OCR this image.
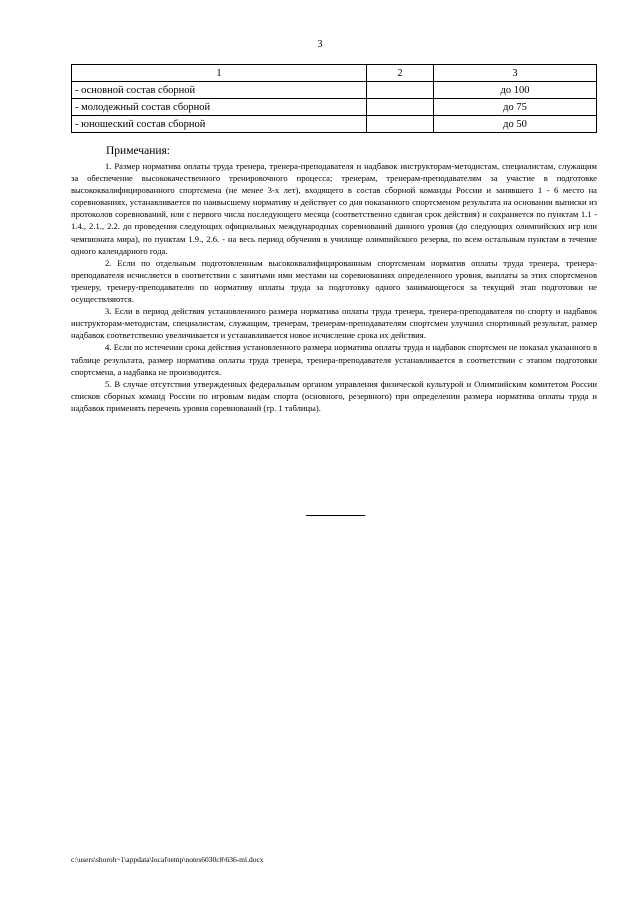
3
1	2	3
- основной состав сборной		до 100
- молодежный состав сборной		до 75
- юношеский состав сборной		до 50
Примечания:

1. Размер норматива оплаты труда тренера, тренера-преподавателя и надбавок инструкторам-методистам, специалистам, служащим за обеспечение высококачественного тренировочного процесса; тренерам, тренерам-преподавателям за участие в подготовке высококвалифицированного спортсмена (не менее 3-х лет), входящего в состав сборной команды России и занявшего 1 - 6 место на соревнованиях, устанавливается по наивысшему нормативу и действует со дня показанного спортсменом результата на основании выписки из протоколов соревнований, или с первого числа последующего месяца (соответственно сдвигая срок действия) и сохраняется по пунктам 1.1 - 1.4., 2.1., 2.2. до проведения следующих официальных международных соревнований данного уровня (до следующих олимпийских игр или чемпионата мира), по пунктам 1.9., 2.6. - на весь период обучения в училище олимпийского резерва, по всем остальным пунктам в течение одного календарного года.

2. Если по отдельным подготовленным высококвалифицированным спортсменам норматив оплаты труда тренера, тренера-преподавателя исчисляется в соответствии с занятыми ими местами на соревнованиях определенного уровня, выплаты за этих спортсменов тренеру, тренеру-преподавателю по нормативу оплаты труда за подготовку одного занимающегося за текущий этап подготовки не осуществляются.

3. Если в период действия установленного размера норматива оплаты труда тренера, тренера-преподавателя по спорту и надбавок инструкторам-методистам, специалистам, служащим, тренерам, тренерам-преподавателям спортсмен улучшил спортивный результат, размер надбавок соответственно увеличивается и устанавливается новое исчисление срока их действия.

4. Если по истечении срока действия установленного размера норматива оплаты труда и надбавок спортсмен не показал указанного в таблице результата, размер норматива оплаты труда тренера, тренера-преподавателя устанавливается в соответствии с этапом подготовки спортсмена, а надбавка не производится.

5. В случае отсутствия утвержденных федеральным органом управления физической культурой и Олимпийским комитетом России списков сборных команд России по игровым видам спорта (основного, резервного) при определении размера норматива оплаты труда и надбавок применять перечень уровня соревнований (гр. 1 таблицы).

c:\users\shoroh~1\appdata\local\temp\notes6030c8\636-ml.docx
